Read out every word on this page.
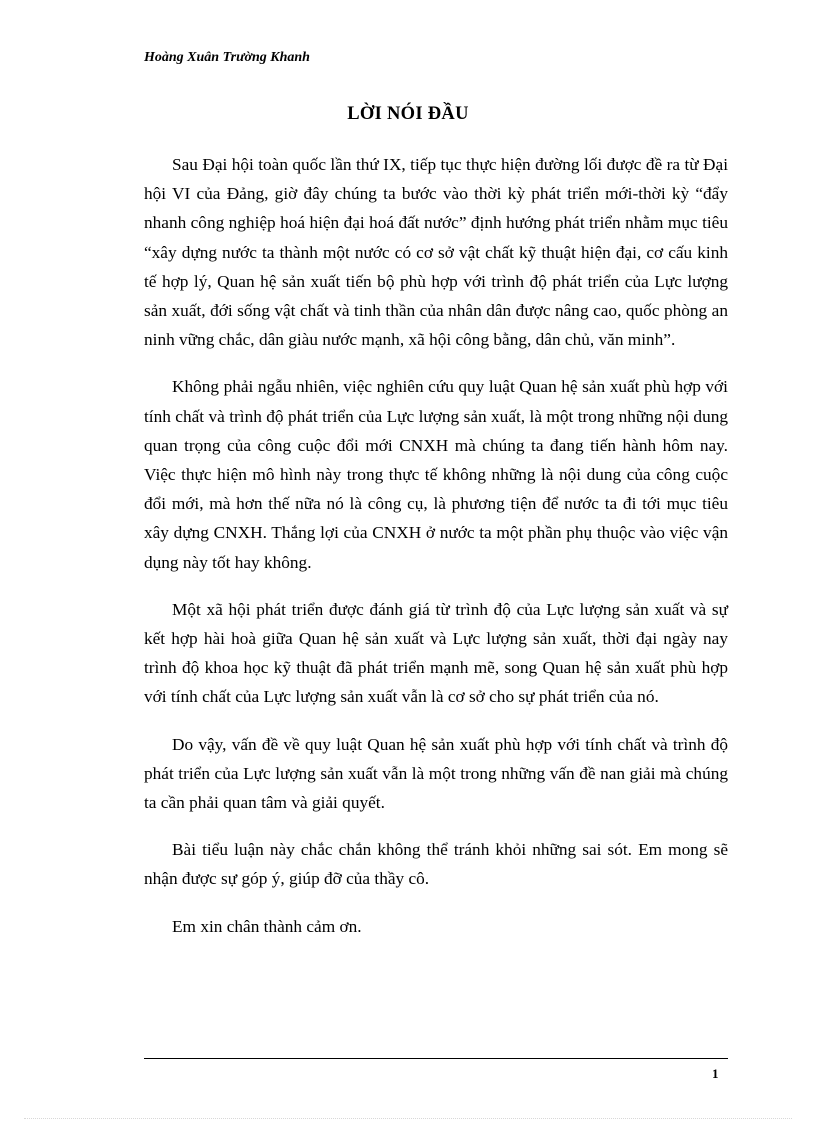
Hoàng Xuân Trường Khanh
LỜI NÓI ĐẦU

Sau Đại hội toàn quốc lần thứ IX, tiếp tục thực hiện đường lối được đề ra từ Đại hội VI của Đảng, giờ đây chúng ta bước vào thời kỳ phát triển mới-thời kỳ “đẩy nhanh công nghiệp hoá hiện đại hoá đất nước” định hướng phát triển nhằm mục tiêu “xây dựng nước ta thành một nước có cơ sở vật chất kỹ thuật hiện đại, cơ cấu kinh tế hợp lý, Quan hệ sản xuất tiến bộ phù hợp với trình độ phát triển của Lực lượng sản xuất, đới sống vật chất và tinh thần của nhân dân được nâng cao, quốc phòng an ninh vững chắc, dân giàu nước mạnh, xã hội công bằng, dân chủ, văn minh”.

Không phải ngẫu nhiên, việc nghiên cứu quy luật Quan hệ sản xuất phù hợp với tính chất và trình độ phát triển của Lực lượng sản xuất, là một trong những nội dung quan trọng của công cuộc đổi mới CNXH mà chúng ta đang tiến hành hôm nay. Việc thực hiện mô hình này trong thực tế không những là nội dung của công cuộc đổi mới, mà hơn thế nữa nó là công cụ, là phương tiện để nước ta đi tới mục tiêu xây dựng CNXH. Thắng lợi của CNXH ở nước ta một phần phụ thuộc vào việc vận dụng này tốt hay không.

Một xã hội phát triển được đánh giá từ trình độ của Lực lượng sản xuất và sự kết hợp hài hoà giữa Quan hệ sản xuất và Lực lượng sản xuất, thời đại ngày nay trình độ khoa học kỹ thuật đã phát triển mạnh mẽ, song Quan hệ sản xuất phù hợp với tính chất của Lực lượng sản xuất vẫn là cơ sở cho sự phát triển của nó.

Do vậy, vấn đề về quy luật Quan hệ sản xuất phù hợp với tính chất và trình độ phát triển của Lực lượng sản xuất vẫn là một trong những vấn đề nan giải mà chúng ta cần phải quan tâm và giải quyết.

Bài tiểu luận này chắc chắn không thể tránh khỏi những sai sót. Em mong sẽ nhận được sự góp ý, giúp đỡ của thầy cô.

Em xin chân thành cảm ơn.

1
